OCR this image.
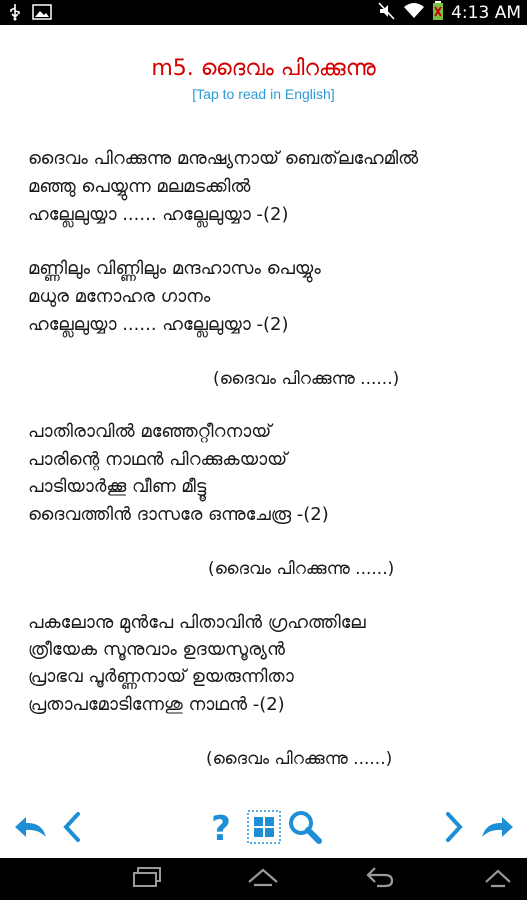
4:13 AM
m5. ദൈവം പിറക്കുന്നു
[Tap to read in English]
ദൈവം പിറക്കുന്നു മനുഷ്യനായ് ബെത്‌ലഹേമിൽ
മഞ്ഞു പെയ്യുന്ന മലമടക്കിൽ
ഹല്ലേലുയ്യാ ...... ഹല്ലേലുയ്യാ -(2)
മണ്ണിലും വിണ്ണിലും മന്ദഹാസം പെയ്യും
മധുര മനോഹര ഗാനം
ഹല്ലേലുയ്യാ ...... ഹല്ലേലുയ്യാ -(2)
(ദൈവം പിറക്കുന്നു ......)
പാതിരാവിൽ മഞ്ഞേറ്റീറനായ്
പാരിന്റെ നാഥൻ പിറക്കുകയായ്
പാടിയാർക്കൂ വീണ മീട്ടൂ
ദൈവത്തിൻ ദാസരേ ഒന്നുചേരൂ -(2)
(ദൈവം പിറക്കുന്നു ......)
പകലോനു മുൻപേ പിതാവിൻ ഗ്രഹത്തിലേ
ത്രീയേക സൂനുവാം ഉദയസൂര്യൻ
പ്രാഭവ പൂർണ്ണനായ് ഉയരുന്നിതാ
പ്രതാപമോടിന്നേശു നാഥൻ -(2)
(ദൈവം പിറക്കുന്നു ......)
?
